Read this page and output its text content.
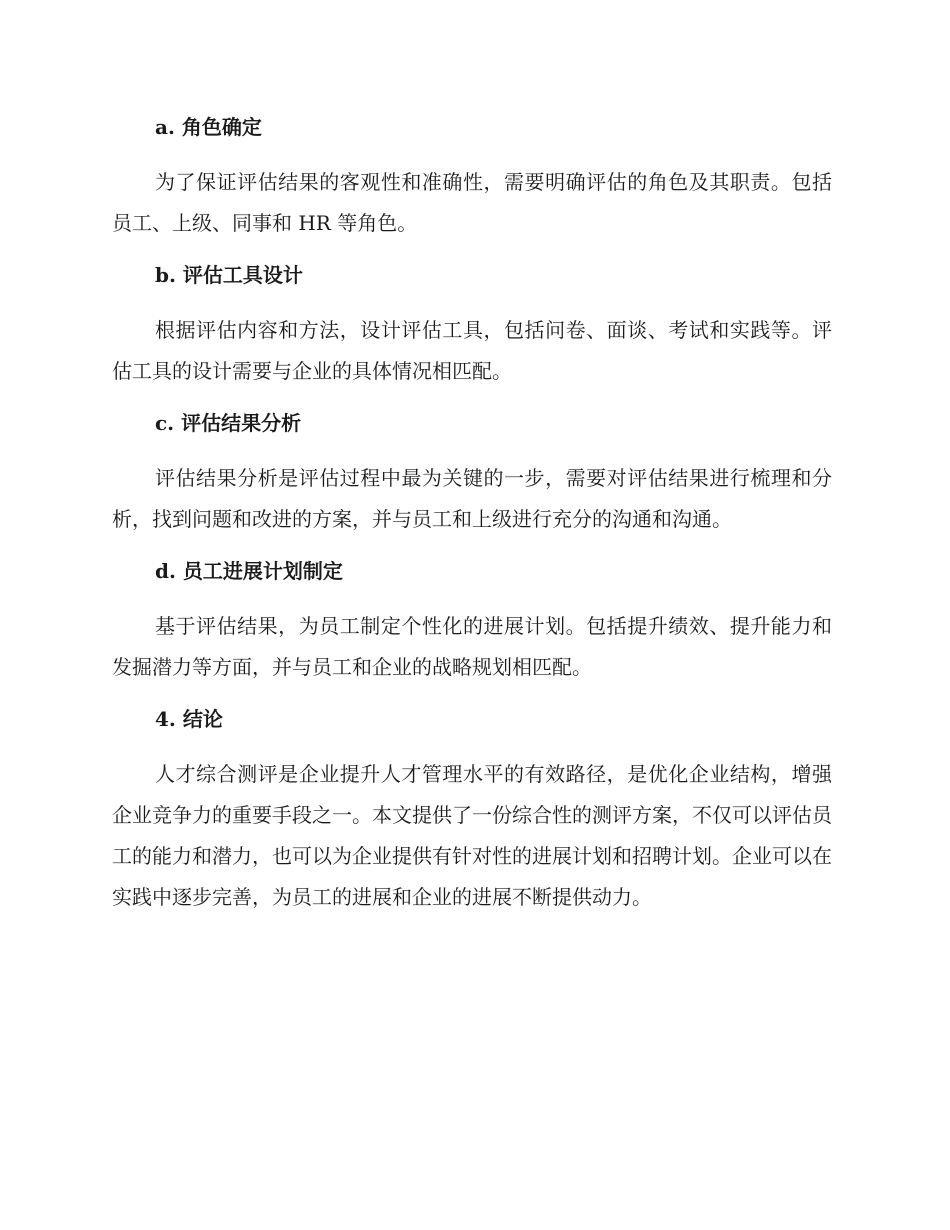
a. 角色确定

为了保证评估结果的客观性和准确性，需要明确评估的角色及其职责。包括员工、上级、同事和 HR 等角色。

b. 评估工具设计

根据评估内容和方法，设计评估工具，包括问卷、面谈、考试和实践等。评估工具的设计需要与企业的具体情况相匹配。

c. 评估结果分析

评估结果分析是评估过程中最为关键的一步，需要对评估结果进行梳理和分析，找到问题和改进的方案，并与员工和上级进行充分的沟通和沟通。

d. 员工进展计划制定

基于评估结果，为员工制定个性化的进展计划。包括提升绩效、提升能力和发掘潜力等方面，并与员工和企业的战略规划相匹配。

4. 结论

人才综合测评是企业提升人才管理水平的有效路径，是优化企业结构，增强企业竞争力的重要手段之一。本文提供了一份综合性的测评方案，不仅可以评估员工的能力和潜力，也可以为企业提供有针对性的进展计划和招聘计划。企业可以在实践中逐步完善，为员工的进展和企业的进展不断提供动力。
